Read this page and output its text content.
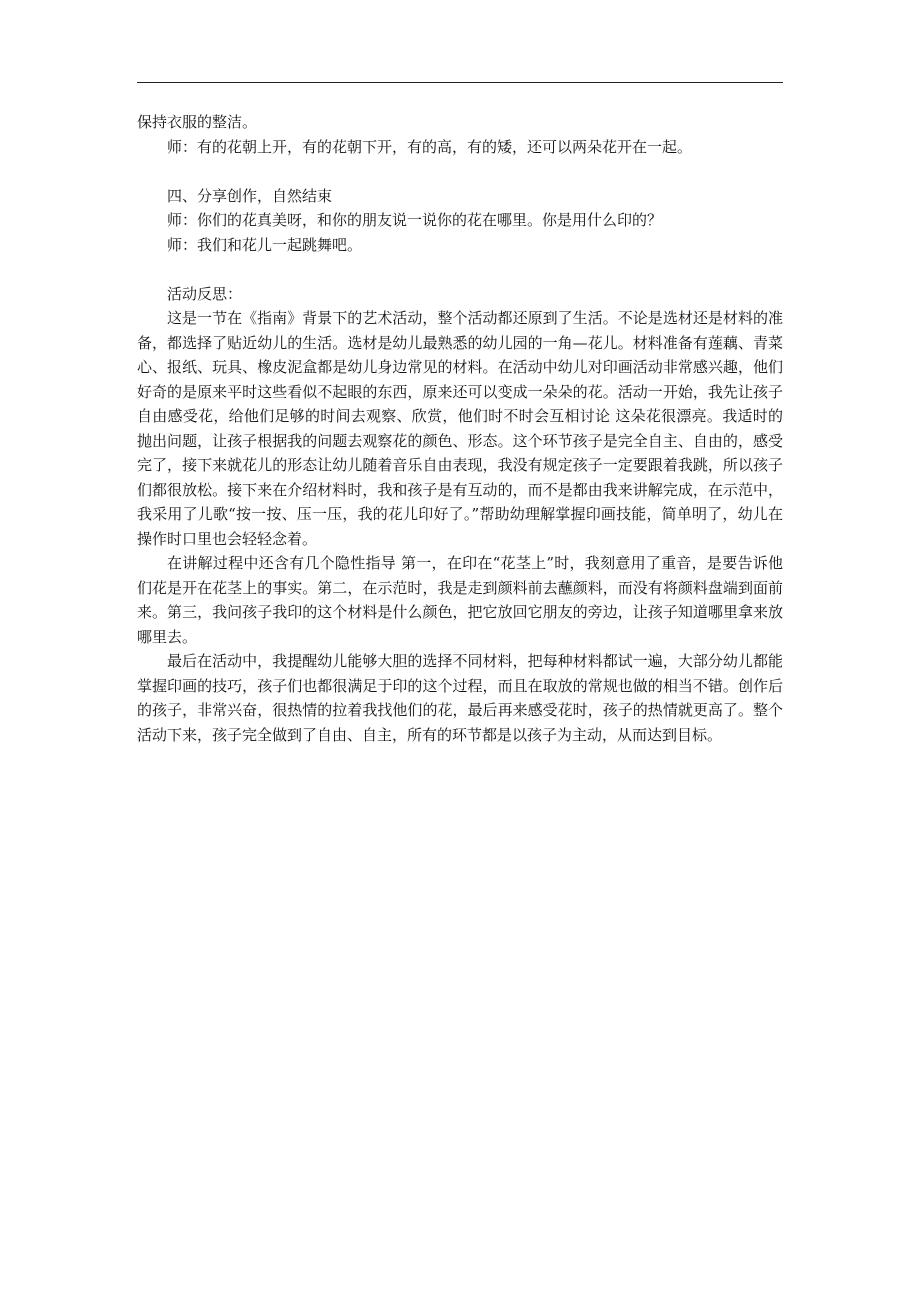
保持衣服的整洁。

师：有的花朝上开，有的花朝下开，有的高，有的矮，还可以两朵花开在一起。

四、分享创作，自然结束

师：你们的花真美呀，和你的朋友说一说你的花在哪里。你是用什么印的？

师：我们和花儿一起跳舞吧。

活动反思：

这是一节在《指南》背景下的艺术活动，整个活动都还原到了生活。不论是选材还是材料的准备，都选择了贴近幼儿的生活。选材是幼儿最熟悉的幼儿园的一角—花儿。材料准备有莲藕、青菜心、报纸、玩具、橡皮泥盒都是幼儿身边常见的材料。在活动中幼儿对印画活动非常感兴趣，他们好奇的是原来平时这些看似不起眼的东西，原来还可以变成一朵朵的花。活动一开始，我先让孩子自由感受花，给他们足够的时间去观察、欣赏，他们时不时会互相讨论 这朵花很漂亮。我适时的抛出问题，让孩子根据我的问题去观察花的颜色、形态。这个环节孩子是完全自主、自由的，感受完了，接下来就花儿的形态让幼儿随着音乐自由表现，我没有规定孩子一定要跟着我跳，所以孩子们都很放松。接下来在介绍材料时，我和孩子是有互动的，而不是都由我来讲解完成，在示范中，我采用了儿歌“按一按、压一压，我的花儿印好了。”帮助幼理解掌握印画技能，简单明了，幼儿在操作时口里也会轻轻念着。

在讲解过程中还含有几个隐性指导 第一，在印在“花茎上”时，我刻意用了重音，是要告诉他们花是开在花茎上的事实。第二，在示范时，我是走到颜料前去蘸颜料，而没有将颜料盘端到面前来。第三，我问孩子我印的这个材料是什么颜色，把它放回它朋友的旁边，让孩子知道哪里拿来放哪里去。

最后在活动中，我提醒幼儿能够大胆的选择不同材料，把每种材料都试一遍，大部分幼儿都能掌握印画的技巧，孩子们也都很满足于印的这个过程，而且在取放的常规也做的相当不错。创作后的孩子，非常兴奋，很热情的拉着我找他们的花，最后再来感受花时，孩子的热情就更高了。整个活动下来，孩子完全做到了自由、自主，所有的环节都是以孩子为主动，从而达到目标。
